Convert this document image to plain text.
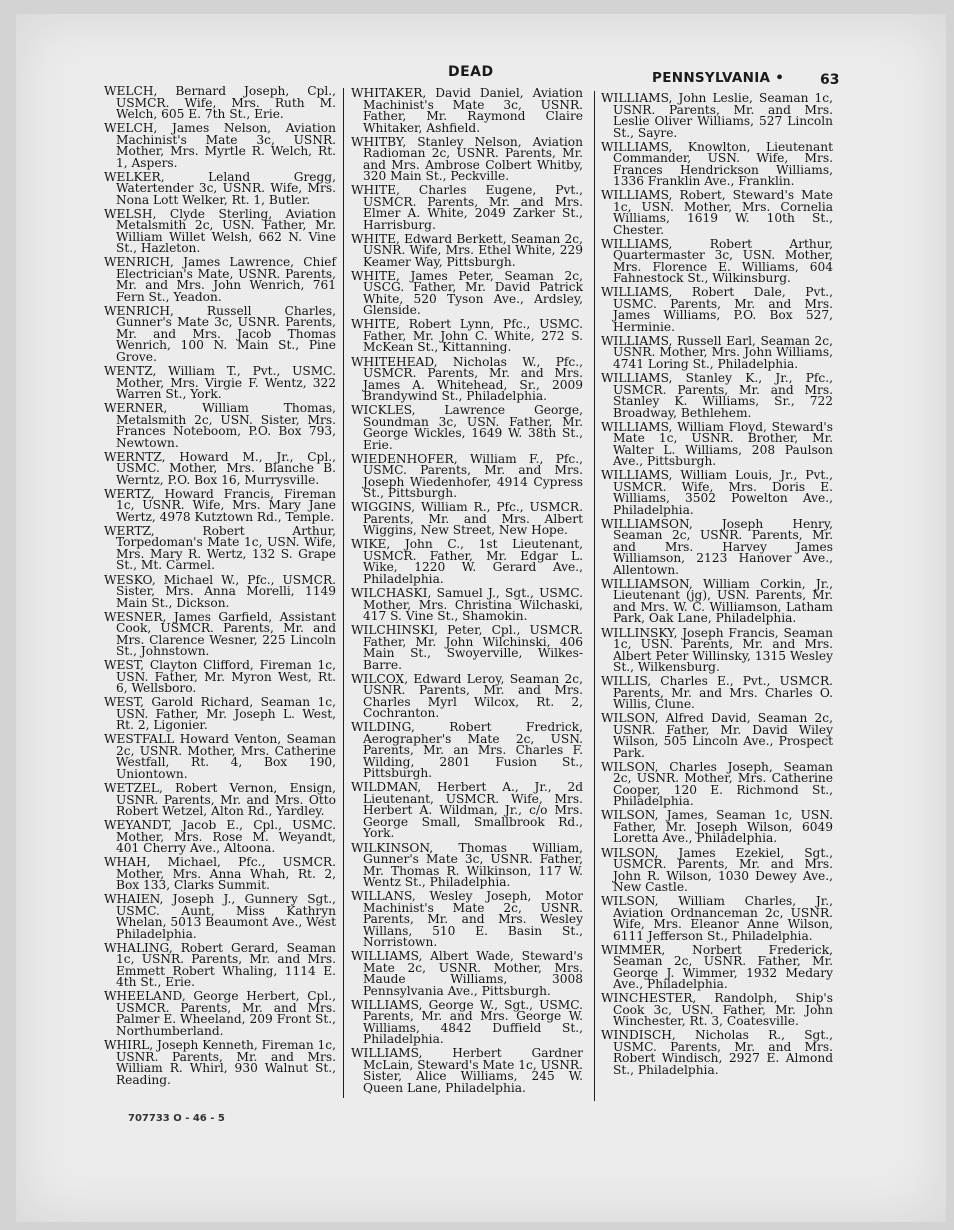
DEAD	PENNSYLVANIA •	63

WELCH, Bernard Joseph, Cpl., USMCR. Wife, Mrs. Ruth M. Welch, 605 E. 7th St., Erie.

WELCH, James Nelson, Aviation Machinist's Mate 3c, USNR. Mother, Mrs. Myrtle R. Welch, Rt. 1, Aspers.

WELKER, Leland Gregg, Watertender 3c, USNR. Wife, Mrs. Nona Lott Welker, Rt. 1, Butler.

WELSH, Clyde Sterling, Aviation Metalsmith 2c, USN. Father, Mr. William Willet Welsh, 662 N. Vine St., Hazleton.

WENRICH, James Lawrence, Chief Electrician's Mate, USNR. Parents, Mr. and Mrs. John Wenrich, 761 Fern St., Yeadon.

WENRICH, Russell Charles, Gunner's Mate 3c, USNR. Parents, Mr. and Mrs. Jacob Thomas Wenrich, 100 N. Main St., Pine Grove.

WENTZ, William T., Pvt., USMC. Mother, Mrs. Virgie F. Wentz, 322 Warren St., York.

WERNER, William Thomas, Metalsmith 2c, USN. Sister, Mrs. Frances Noteboom, P.O. Box 793, Newtown.

WERNTZ, Howard M., Jr., Cpl., USMC. Mother, Mrs. Blanche B. Werntz, P.O. Box 16, Murrysville.

WERTZ, Howard Francis, Fireman 1c, USNR. Wife, Mrs. Mary Jane Wertz, 4978 Kutztown Rd., Temple.

WERTZ, Robert Arthur, Torpedoman's Mate 1c, USN. Wife, Mrs. Mary R. Wertz, 132 S. Grape St., Mt. Carmel.

WESKO, Michael W., Pfc., USMCR. Sister, Mrs. Anna Morelli, 1149 Main St., Dickson.

WESNER, James Garfield, Assistant Cook, USMCR. Parents, Mr. and Mrs. Clarence Wesner, 225 Lincoln St., Johnstown.

WEST, Clayton Clifford, Fireman 1c, USN. Father, Mr. Myron West, Rt. 6, Wellsboro.

WEST, Garold Richard, Seaman 1c, USN. Father, Mr. Joseph L. West, Rt. 2, Ligonier.

WESTFALL Howard Venton, Seaman 2c, USNR. Mother, Mrs. Catherine Westfall, Rt. 4, Box 190, Uniontown.

WETZEL, Robert Vernon, Ensign, USNR. Parents, Mr. and Mrs. Otto Robert Wetzel, Alton Rd., Yardley.

WEYANDT, Jacob E., Cpl., USMC. Mother, Mrs. Rose M. Weyandt, 401 Cherry Ave., Altoona.

WHAH, Michael, Pfc., USMCR. Mother, Mrs. Anna Whah, Rt. 2, Box 133, Clarks Summit.

WHAIEN, Joseph J., Gunnery Sgt., USMC. Aunt, Miss Kathryn Whelan, 5013 Beaumont Ave., West Philadelphia.

WHALING, Robert Gerard, Seaman 1c, USNR. Parents, Mr. and Mrs. Emmett Robert Whaling, 1114 E. 4th St., Erie.

WHEELAND, George Herbert, Cpl., USMCR. Parents, Mr. and Mrs. Palmer E. Wheeland, 209 Front St., Northumberland.

WHIRL, Joseph Kenneth, Fireman 1c, USNR. Parents, Mr. and Mrs. William R. Whirl, 930 Walnut St., Reading.

WHITAKER, David Daniel, Aviation Machinist's Mate 3c, USNR. Father, Mr. Raymond Claire Whitaker, Ashfield.

WHITBY, Stanley Nelson, Aviation Radioman 2c, USNR. Parents, Mr. and Mrs. Ambrose Colbert Whitby, 320 Main St., Peckville.

WHITE, Charles Eugene, Pvt., USMCR. Parents, Mr. and Mrs. Elmer A. White, 2049 Zarker St., Harrisburg.

WHITE, Edward Berkett, Seaman 2c, USNR. Wife, Mrs. Ethel White, 229 Keamer Way, Pittsburgh.

WHITE, James Peter, Seaman 2c, USCG. Father, Mr. David Patrick White, 520 Tyson Ave., Ardsley, Glenside.

WHITE, Robert Lynn, Pfc., USMC. Father, Mr. John C. White, 272 S. McKean St., Kittanning.

WHITEHEAD, Nicholas W., Pfc., USMCR. Parents, Mr. and Mrs. James A. Whitehead, Sr., 2009 Brandywind St., Philadelphia.

WICKLES, Lawrence George, Soundman 3c, USN. Father, Mr. George Wickles, 1649 W. 38th St., Erie.

WIEDENHOFER, William F., Pfc., USMC. Parents, Mr. and Mrs. Joseph Wiedenhofer, 4914 Cypress St., Pittsburgh.

WIGGINS, William R., Pfc., USMCR. Parents, Mr. and Mrs. Albert Wiggins, New Street, New Hope.

WIKE, John C., 1st Lieutenant, USMCR. Father, Mr. Edgar L. Wike, 1220 W. Gerard Ave., Philadelphia.

WILCHASKI, Samuel J., Sgt., USMC. Mother, Mrs. Christina Wilchaski, 417 S. Vine St., Shamokin.

WILCHINSKI, Peter, Cpl., USMCR. Father, Mr. John Wilchinski, 406 Main St., Swoyerville, Wilkes-Barre.

WILCOX, Edward Leroy, Seaman 2c, USNR. Parents, Mr. and Mrs. Charles Myrl Wilcox, Rt. 2, Cochranton.

WILDING, Robert Fredrick, Aerographer's Mate 2c, USN. Parents, Mr. an Mrs. Charles F. Wilding, 2801 Fusion St., Pittsburgh.

WILDMAN, Herbert A., Jr., 2d Lieutenant, USMCR. Wife, Mrs. Herbert A. Wildman, Jr., c/o Mrs. George Small, Smallbrook Rd., York.

WILKINSON, Thomas William, Gunner's Mate 3c, USNR. Father, Mr. Thomas R. Wilkinson, 117 W. Wentz St., Philadelphia.

WILLANS, Wesley Joseph, Motor Machinist's Mate 2c, USNR. Parents, Mr. and Mrs. Wesley Willans, 510 E. Basin St., Norristown.

WILLIAMS, Albert Wade, Steward's Mate 2c, USNR. Mother, Mrs. Maude Williams, 3008 Pennsylvania Ave., Pittsburgh.

WILLIAMS, George W., Sgt., USMC. Parents, Mr. and Mrs. George W. Williams, 4842 Duffield St., Philadelphia.

WILLIAMS, Herbert Gardner McLain, Steward's Mate 1c, USNR. Sister, Alice Williams, 245 W. Queen Lane, Philadelphia.

WILLIAMS, John Leslie, Seaman 1c, USNR. Parents, Mr. and Mrs. Leslie Oliver Williams, 527 Lincoln St., Sayre.

WILLIAMS, Knowlton, Lieutenant Commander, USN. Wife, Mrs. Frances Hendrickson Williams, 1336 Franklin Ave., Franklin.

WILLIAMS, Robert, Steward's Mate 1c, USN. Mother, Mrs. Cornelia Williams, 1619 W. 10th St., Chester.

WILLIAMS, Robert Arthur, Quartermaster 3c, USN. Mother, Mrs. Florence E. Williams, 604 Fahnestock St., Wilkinsburg.

WILLIAMS, Robert Dale, Pvt., USMC. Parents, Mr. and Mrs. James Williams, P.O. Box 527, Herminie.

WILLIAMS, Russell Earl, Seaman 2c, USNR. Mother, Mrs. John Williams, 4741 Loring St., Philadelphia.

WILLIAMS, Stanley K., Jr., Pfc., USMCR. Parents, Mr. and Mrs. Stanley K. Williams, Sr., 722 Broadway, Bethlehem.

WILLIAMS, William Floyd, Steward's Mate 1c, USNR. Brother, Mr. Walter L. Williams, 208 Paulson Ave., Pittsburgh.

WILLIAMS, William Louis, Jr., Pvt., USMCR. Wife, Mrs. Doris E. Williams, 3502 Powelton Ave., Philadelphia.

WILLIAMSON, Joseph Henry, Seaman 2c, USNR. Parents, Mr. and Mrs. Harvey James Williamson, 2123 Hanover Ave., Allentown.

WILLIAMSON, William Corkin, Jr., Lieutenant (jg), USN. Parents, Mr. and Mrs. W. C. Williamson, Latham Park, Oak Lane, Philadelphia.

WILLINSKY, Joseph Francis, Seaman 1c, USN. Parents, Mr. and Mrs. Albert Peter Willinsky, 1315 Wesley St., Wilkensburg.

WILLIS, Charles E., Pvt., USMCR. Parents, Mr. and Mrs. Charles O. Willis, Clune.

WILSON, Alfred David, Seaman 2c, USNR. Father, Mr. David Wiley Wilson, 505 Lincoln Ave., Prospect Park.

WILSON, Charles Joseph, Seaman 2c, USNR. Mother, Mrs. Catherine Cooper, 120 E. Richmond St., Philadelphia.

WILSON, James, Seaman 1c, USN. Father, Mr. Joseph Wilson, 6049 Loretta Ave., Philadelphia.

WILSON, James Ezekiel, Sgt., USMCR. Parents, Mr. and Mrs. John R. Wilson, 1030 Dewey Ave., New Castle.

WILSON, William Charles, Jr., Aviation Ordnanceman 2c, USNR. Wife, Mrs. Eleanor Anne Wilson, 6111 Jefferson St., Philadelphia.

WIMMER, Norbert Frederick, Seaman 2c, USNR. Father, Mr. George J. Wimmer, 1932 Medary Ave., Philadelphia.

WINCHESTER, Randolph, Ship's Cook 3c, USN. Father, Mr. John Winchester, Rt. 3, Coatesville.

WINDISCH, Nicholas R., Sgt., USMC. Parents, Mr. and Mrs. Robert Windisch, 2927 E. Almond St., Philadelphia.

707733 O - 46 - 5
